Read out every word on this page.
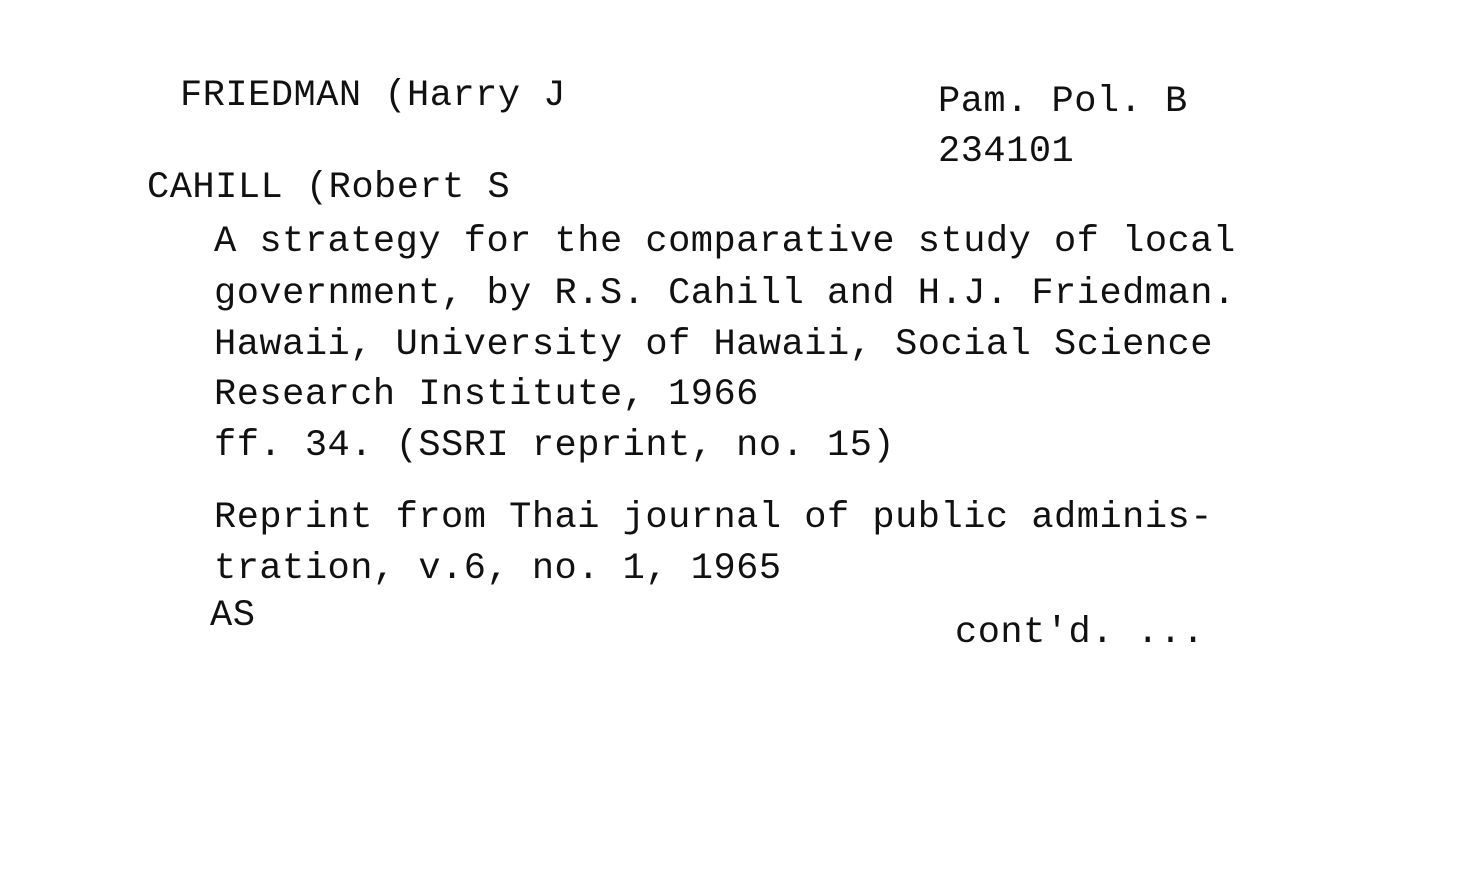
FRIEDMAN (Harry J	Pam. Pol. B

234101

CAHILL (Robert S

A strategy for the comparative study of local

government, by R.S. Cahill and H.J. Friedman.

Hawaii, University of Hawaii, Social Science

Research Institute, 1966

ff. 34. (SSRI reprint, no. 15)

Reprint from Thai journal of public adminis-

tration, v.6, no. 1, 1965

AS	cont'd. ...
